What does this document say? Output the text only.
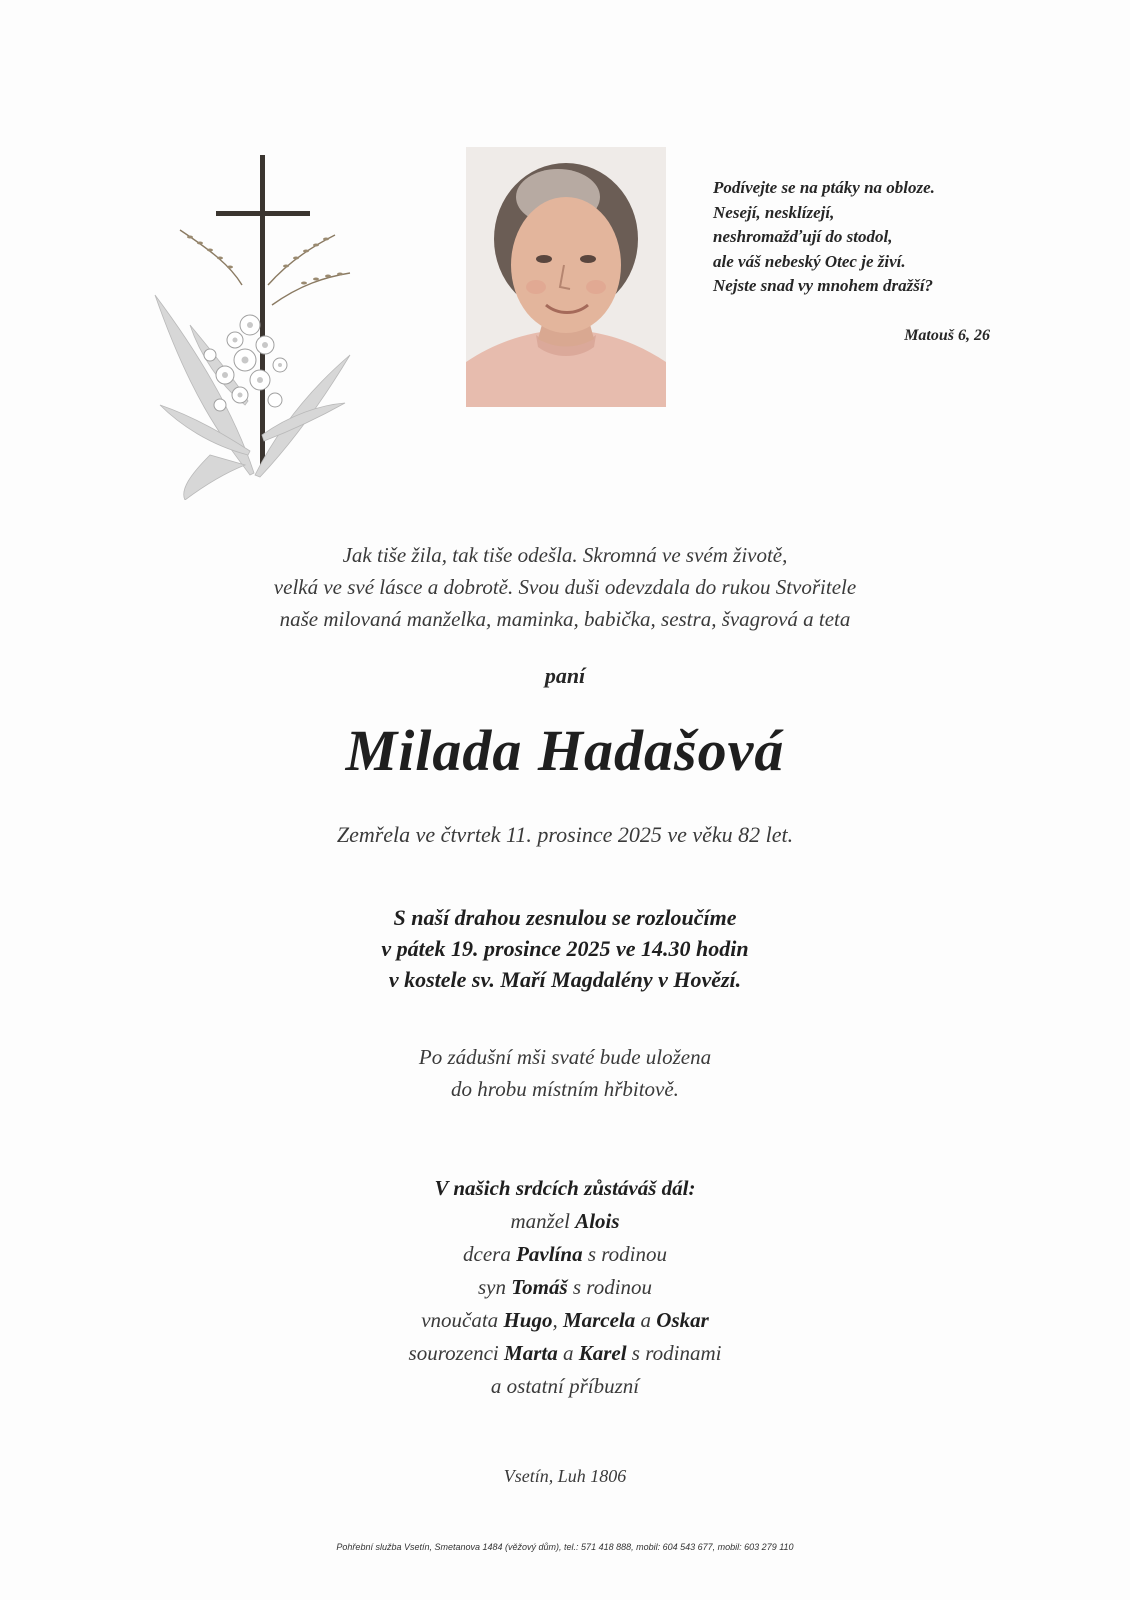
Podívejte se na ptáky na obloze.
Nesejí, nesklízejí,
neshromažďují do stodol,
ale váš nebeský Otec je živí.
Nejste snad vy mnohem dražší?
Matouš 6, 26
Jak tiše žila, tak tiše odešla. Skromná ve svém životě,
velká ve své lásce a dobrotě. Svou duši odevzdala do rukou Stvořitele
naše milovaná manželka, maminka, babička, sestra, švagrová a teta
paní
Milada Hadašová
Zemřela ve čtvrtek 11. prosince 2025 ve věku 82 let.
S naší drahou zesnulou se rozloučíme
v pátek 19. prosince 2025 ve 14.30 hodin
v kostele sv. Maří Magdalény v Hovězí.
Po zádušní mši svaté bude uložena
do hrobu místním hřbitově.
V našich srdcích zůstáváš dál:
manžel Alois
dcera Pavlína s rodinou
syn Tomáš s rodinou
vnoučata Hugo, Marcela a Oskar
sourozenci Marta a Karel s rodinami
a ostatní příbuzní
Vsetín, Luh 1806
Pohřební služba Vsetín, Smetanova 1484 (věžový dům), tel.: 571 418 888, mobil: 604 543 677, mobil: 603 279 110
